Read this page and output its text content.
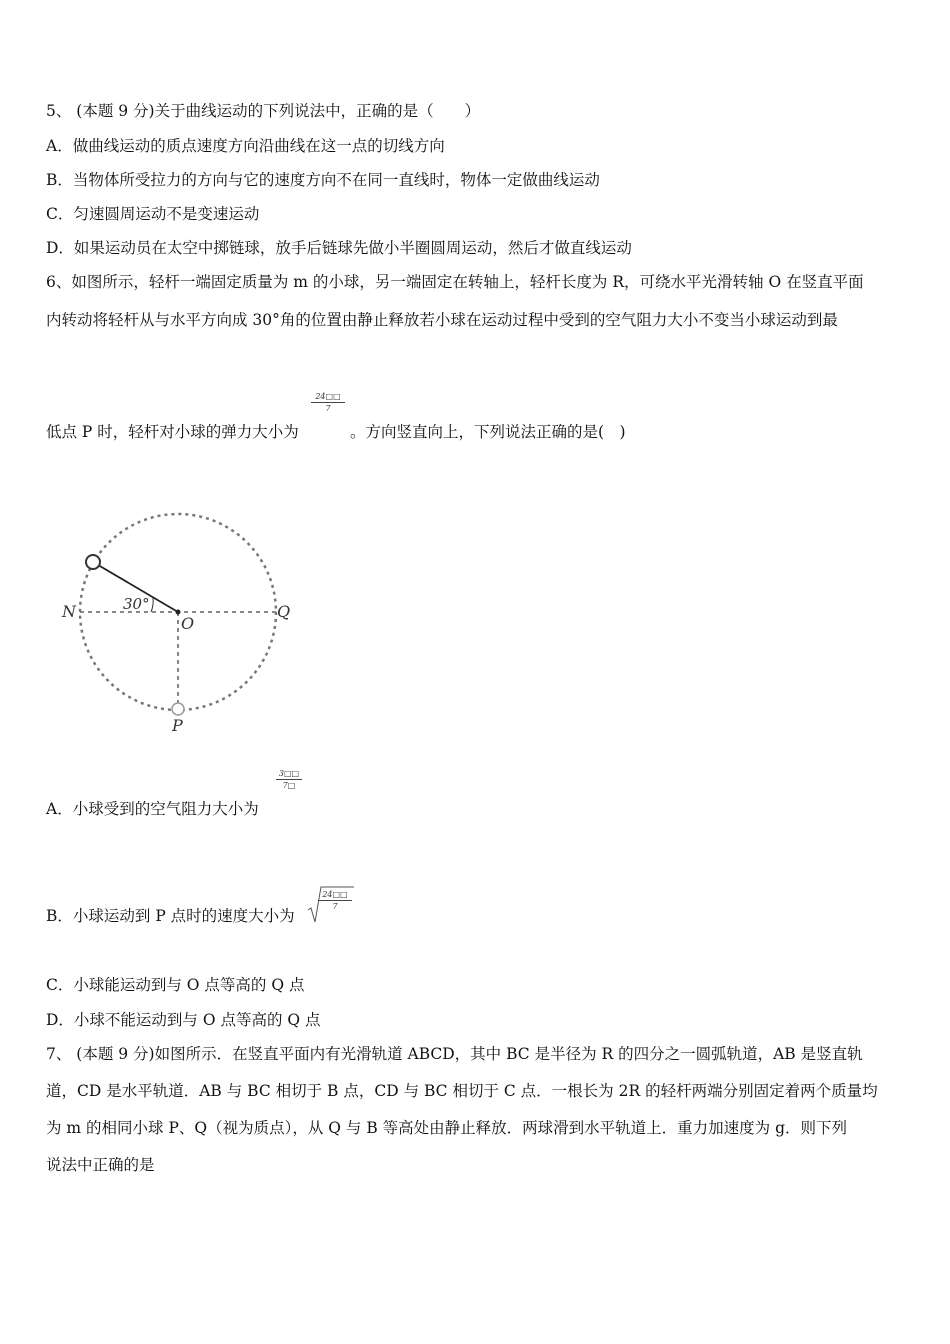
5、 (本题 9 分)关于曲线运动的下列说法中，正确的是（　　）
A．做曲线运动的质点速度方向沿曲线在这一点的切线方向
B．当物体所受拉力的方向与它的速度方向不在同一直线时，物体一定做曲线运动
C．匀速圆周运动不是变速运动
D．如果运动员在太空中掷链球，放手后链球先做小半圈圆周运动，然后才做直线运动
6、如图所示，轻杆一端固定质量为 m 的小球，另一端固定在转轴上，轻杆长度为 R，可绕水平光滑转轴 O 在竖直平面
内转动将轻杆从与水平方向成 30°角的位置由静止释放若小球在运动过程中受到的空气阻力大小不变当小球运动到最
$\frac{24□□}{7}$
低点 P 时，轻杆对小球的弹力大小为	。方向竖直向上，下列说法正确的是(　)
30°
N	Q
O
P
$\frac{3□□}{7□}$
A．小球受到的空气阻力大小为
B．小球运动到 P 点时的速度大小为
$\frac{24□□}{7}$
C．小球能运动到与 O 点等高的 Q 点
D．小球不能运动到与 O 点等高的 Q 点
7、 (本题 9 分)如图所示．在竖直平面内有光滑轨道 ABCD，其中 BC 是半径为 R 的四分之一圆弧轨道，AB 是竖直轨
道，CD 是水平轨道．AB 与 BC 相切于 B 点，CD 与 BC 相切于 C 点．一根长为 2R 的轻杆两端分别固定着两个质量均
为 m 的相同小球 P、Q（视为质点），从 Q 与 B 等高处由静止释放．两球滑到水平轨道上．重力加速度为 g．则下列
说法中正确的是
